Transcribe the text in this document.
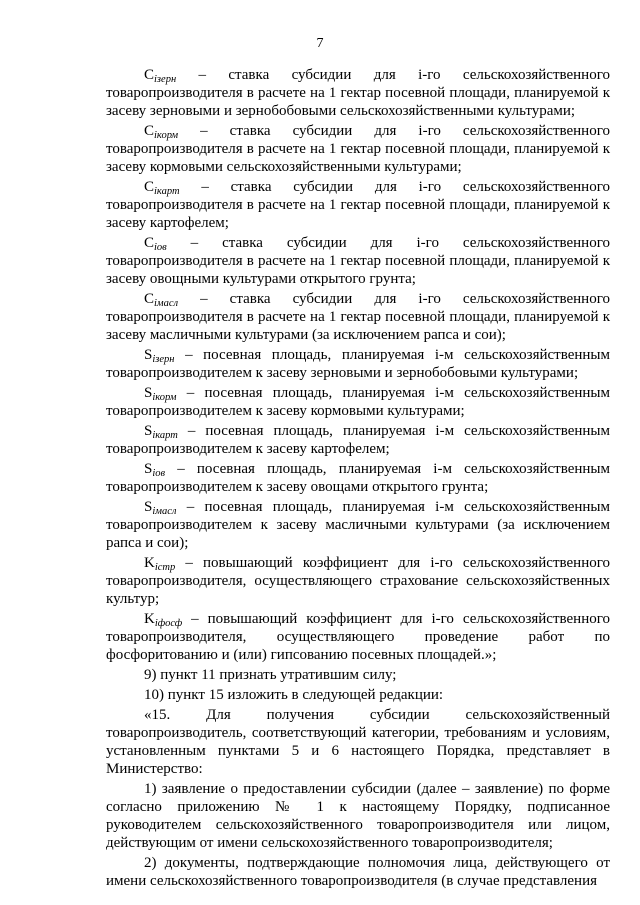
7

$C_{iзерн}$ – ставка субсидии для i-го сельскохозяйственного товаропроизводителя в расчете на 1 гектар посевной площади, планируемой к засеву зерновыми и зернобобовыми сельскохозяйственными культурами;

$C_{iкорм}$ – ставка субсидии для i-го сельскохозяйственного товаропроизводителя в расчете на 1 гектар посевной площади, планируемой к засеву кормовыми сельскохозяйственными культурами;

$C_{iкарт}$ – ставка субсидии для i-го сельскохозяйственного товаропроизводителя в расчете на 1 гектар посевной площади, планируемой к засеву картофелем;

$C_{iов}$ – ставка субсидии для i-го сельскохозяйственного товаропроизводителя в расчете на 1 гектар посевной площади, планируемой к засеву овощными культурами открытого грунта;

$C_{iмасл}$ – ставка субсидии для i-го сельскохозяйственного товаропроизводителя в расчете на 1 гектар посевной площади, планируемой к засеву масличными культурами (за исключением рапса и сои);

$S_{iзерн}$ – посевная площадь, планируемая i-м сельскохозяйственным товаропроизводителем к засеву зерновыми и зернобобовыми культурами;

$S_{iкорм}$ – посевная площадь, планируемая i-м сельскохозяйственным товаропроизводителем к засеву кормовыми культурами;

$S_{iкарт}$ – посевная площадь, планируемая i-м сельскохозяйственным товаропроизводителем к засеву картофелем;

$S_{iов}$ – посевная площадь, планируемая i-м сельскохозяйственным товаропроизводителем к засеву овощами открытого грунта;

$S_{iмасл}$ – посевная площадь, планируемая i-м сельскохозяйственным товаропроизводителем к засеву масличными культурами (за исключением рапса и сои);

$K_{iстр}$ – повышающий коэффициент для i-го сельскохозяйственного товаропроизводителя, осуществляющего страхование сельскохозяйственных культур;

$K_{iфосф}$ – повышающий коэффициент для i-го сельскохозяйственного товаропроизводителя, осуществляющего проведение работ по фосфоритованию и (или) гипсованию посевных площадей.»;

9) пункт 11 признать утратившим силу;

10) пункт 15 изложить в следующей редакции:

«15. Для получения субсидии сельскохозяйственный товаропроизводитель, соответствующий категории, требованиям и условиям, установленным пунктами 5 и 6 настоящего Порядка, представляет в Министерство:

1) заявление о предоставлении субсидии (далее – заявление) по форме согласно приложению № 1 к настоящему Порядку, подписанное руководителем сельскохозяйственного товаропроизводителя или лицом, действующим от имени сельскохозяйственного товаропроизводителя;

2) документы, подтверждающие полномочия лица, действующего от имени сельскохозяйственного товаропроизводителя (в случае представления
